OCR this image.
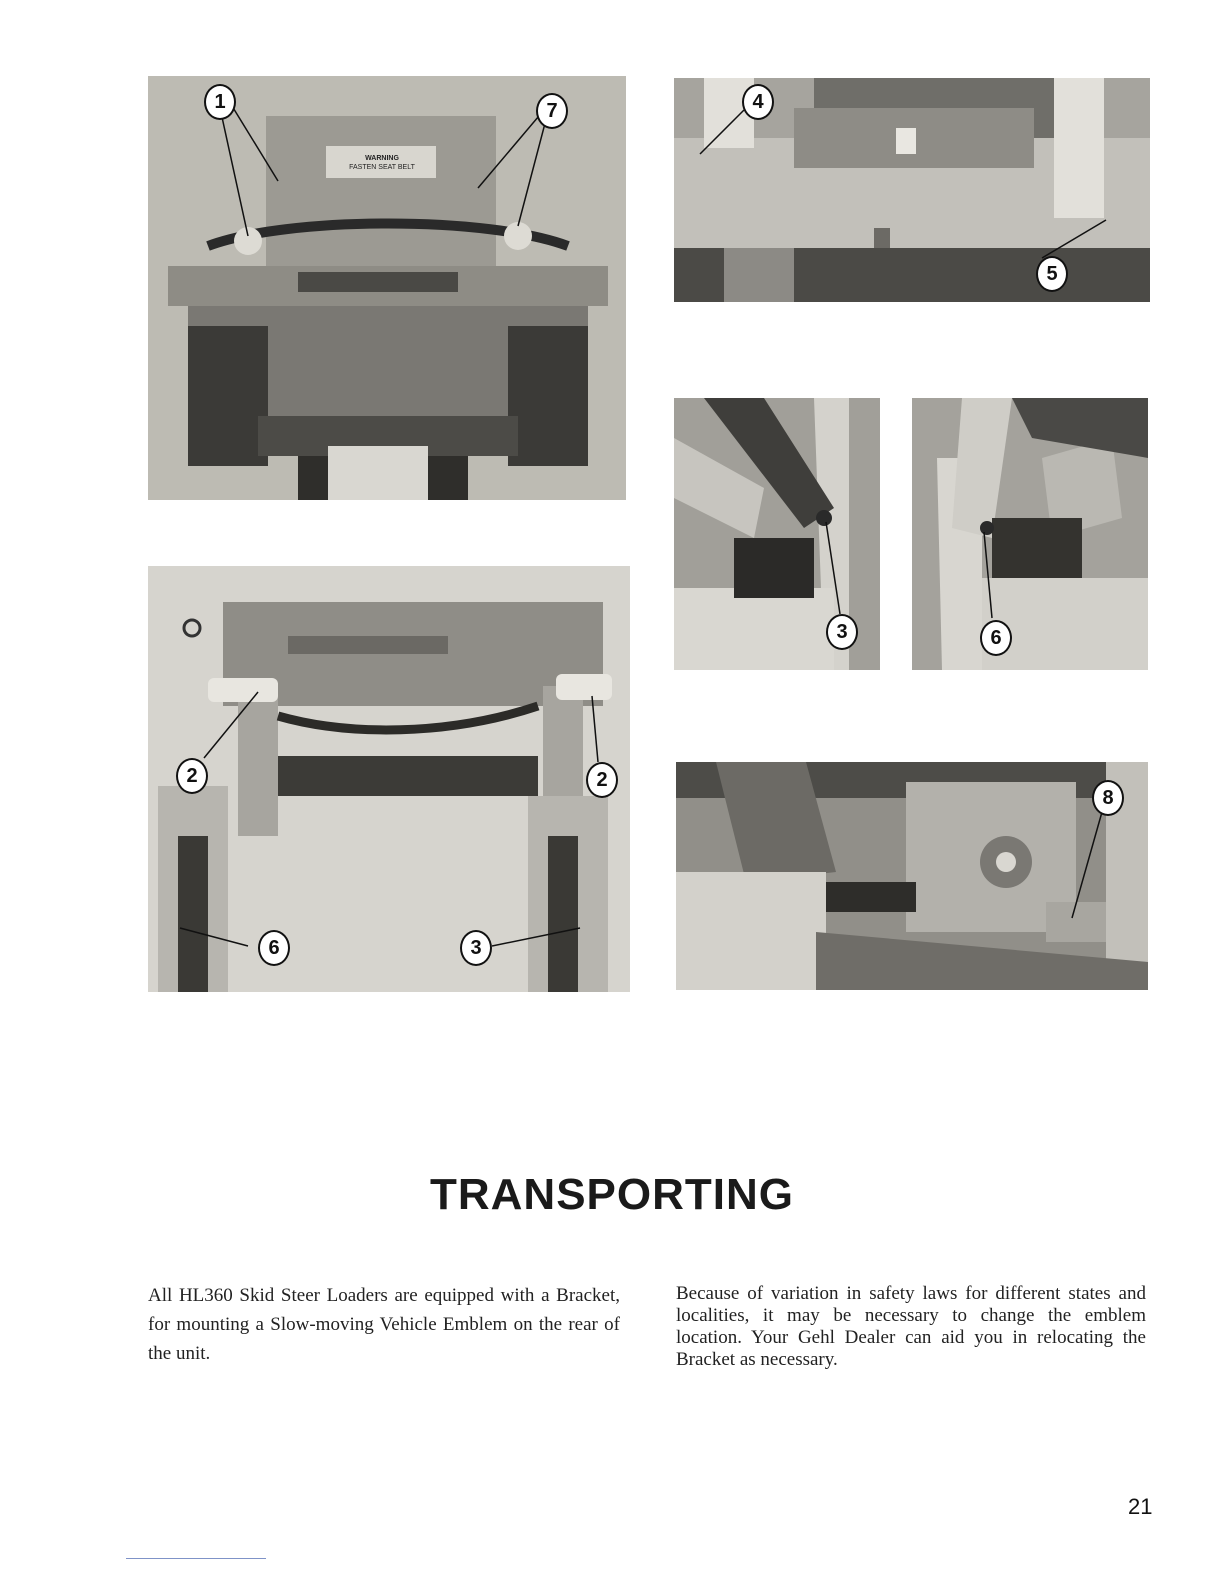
WARNING
FASTEN SEAT BELT
1	7	4
5
3	6
2	2
6	3
8
TRANSPORTING

All HL360 Skid Steer Loaders are equipped with a Bracket, for mounting a Slow-moving Vehicle Emblem on the rear of the unit.

Because of variation in safety laws for different states and localities, it may be necessary to change the emblem location. Your Gehl Dealer can aid you in relocating the Bracket as necessary.

21
